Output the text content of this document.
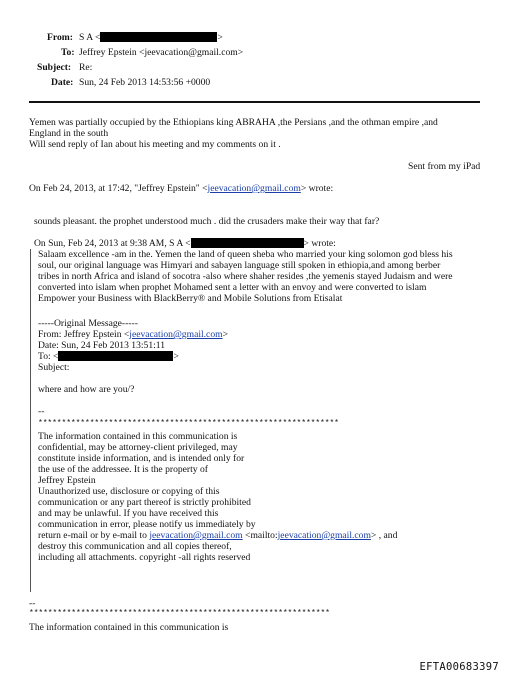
From: S A <	>
To: Jeffrey Epstein <jeevacation@gmail.com>
Subject: Re:
Date: Sun, 24 Feb 2013 14:53:56 +0000
Yemen was partially occupied by the Ethiopians king ABRAHA ,the Persians ,and the othman empire ,and
England in the south
Will send reply of Ian about his meeting and my comments on it .
Sent from my iPad
On Feb 24, 2013, at 17:42, "Jeffrey Epstein" <jeevacation@gmail.com> wrote:
sounds pleasant. the prophet understood much . did the crusaders make their way that far?
On Sun, Feb 24, 2013 at 9:38 AM, S A <	> wrote:
Salaam excellence -am in the. Yemen the land of queen sheba who married your king solomon god bless his
soul, our original language was Himyari and sabayen language still spoken in ethiopia,and among berber
tribes in north Africa and island of socotra -also where shaher resides ,the yemenis stayed Judaism and were
converted into islam when prophet Mohamed sent a letter with an envoy and were converted to islam
Empower your Business with BlackBerry® and Mobile Solutions from Etisalat
-----Original Message-----
From: Jeffrey Epstein <jeevacation@gmail.com>
Date: Sun, 24 Feb 2013 13:51:11
To: <	>
Subject:
where and how are you/?
--
****************************************************************
The information contained in this communication is
confidential, may be attorney-client privileged, may
constitute inside information, and is intended only for
the use of the addressee. It is the property of
Jeffrey Epstein
Unauthorized use, disclosure or copying of this
communication or any part thereof is strictly prohibited
and may be unlawful. If you have received this
communication in error, please notify us immediately by
return e-mail or by e-mail to jeevacation@gmail.com <mailto:jeevacation@gmail.com> , and
destroy this communication and all copies thereof,
including all attachments. copyright -all rights reserved
--
****************************************************************
The information contained in this communication is
EFTA00683397
